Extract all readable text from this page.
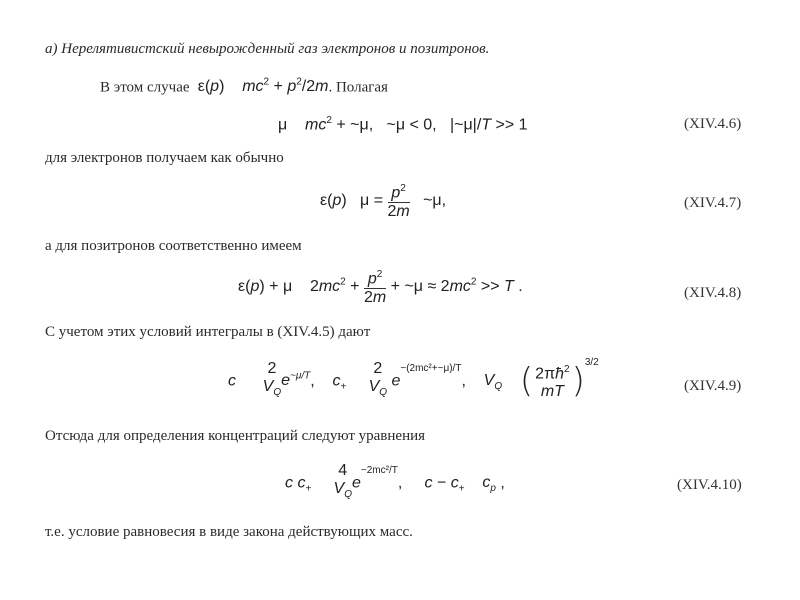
а) Нерелятивистский невырожденный газ электронов и позитронов.
В этом случае  ε(p)    $mc^2 + p^2/2m$. Полагая
μ    $mc^2$ + ~μ,   ~μ < 0,   |~μ|/T >> 1	(XIV.4.6)
для электронов получаем как обычно
ε(p)   $\mu = \frac{p^2}{2m}$ ~μ,	(XIV.4.7)
а для позитронов соответственно имеем
ε(p) + μ    $2mc^2 + \frac{p^2}{2m}$ + ~μ ≈ $2mc^2 >> T$ .	(XIV.4.8)
С учетом этих условий интегралы в (XIV.4.5) дают
c
2
$V_Q$
$e^{\sim\mu/T}$,    $c_+$
2
$V_Q$
$e^{-(2mc^2+\sim\mu)/T}$,    $V_Q$ ( $2\pi ħ^2$
mT )$^{3/2}$
(XIV.4.9)
Отсюда для определения концентраций следуют уравнения
c $c_+$
4
$V_Q$
$e^{-2mc^2/T}$,     $c - c_+$ $c_p$ ,	(XIV.4.10)
т.е. условие равновесия в виде закона действующих масс.
